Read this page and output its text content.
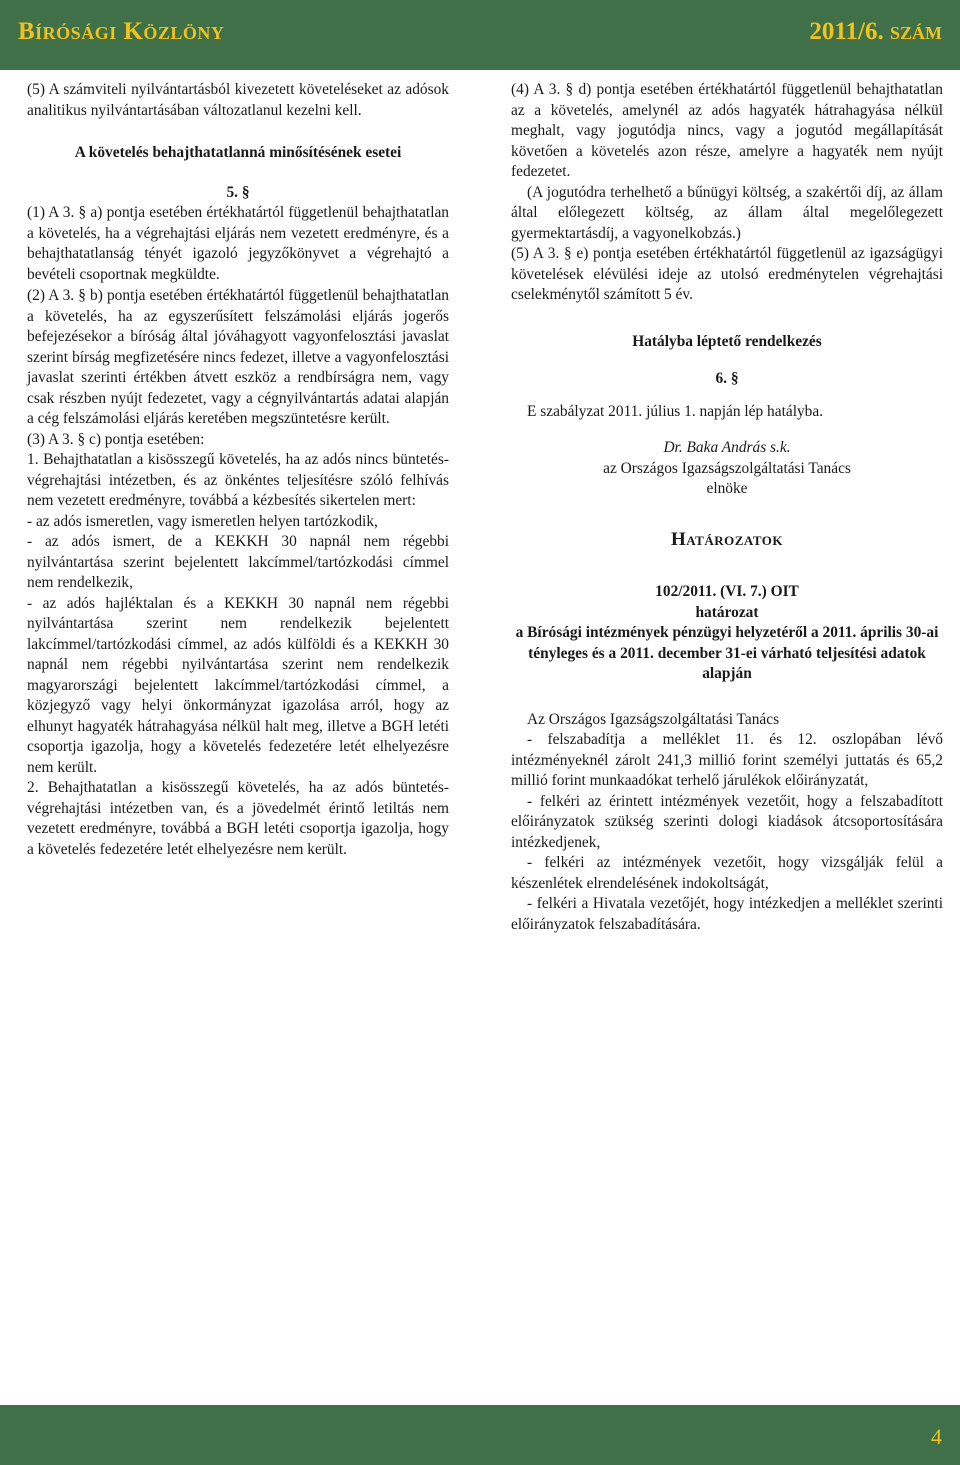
Bírósági Közlöny	2011/6. szám

(5) A számviteli nyilvántartásból kivezetett követeléseket az adósok analitikus nyilvántartásában változatlanul kezelni kell.

A követelés behajthatatlanná minősítésének esetei

5. §

(1) A 3. § a) pontja esetében értékhatártól függetlenül behajthatatlan a követelés, ha a végrehajtási eljárás nem vezetett eredményre, és a behajthatatlanság tényét igazoló jegyzőkönyvet a végrehajtó a bevételi csoportnak megküldte.

(2) A 3. § b) pontja esetében értékhatártól függetlenül behajthatatlan a követelés, ha az egyszerűsített felszámolási eljárás jogerős befejezésekor a bíróság által jóváhagyott vagyonfelosztási javaslat szerint bírság megfizetésére nincs fedezet, illetve a vagyonfelosztási javaslat szerinti értékben átvett eszköz a rendbírságra nem, vagy csak részben nyújt fedezetet, vagy a cégnyilvántartás adatai alapján a cég felszámolási eljárás keretében megszüntetésre került.

(3) A 3. § c) pontja esetében:

1. Behajthatatlan a kisösszegű követelés, ha az adós nincs büntetés-végrehajtási intézetben, és az önkéntes teljesítésre szóló felhívás nem vezetett eredményre, továbbá a kézbesítés sikertelen mert:

- az adós ismeretlen, vagy ismeretlen helyen tartózkodik,

- az adós ismert, de a KEKKH 30 napnál nem régebbi nyilvántartása szerint bejelentett lakcímmel/tartózkodási címmel nem rendelkezik,

- az adós hajléktalan és a KEKKH 30 napnál nem régebbi nyilvántartása szerint nem rendelkezik bejelentett lakcímmel/tartózkodási címmel, az adós külföldi és a KEKKH 30 napnál nem régebbi nyilvántartása szerint nem rendelkezik magyarországi bejelentett lakcímmel/tartózkodási címmel, a közjegyző vagy helyi önkormányzat igazolása arról, hogy az elhunyt hagyaték hátrahagyása nélkül halt meg, illetve a BGH letéti csoportja igazolja, hogy a követelés fedezetére letét elhelyezésre nem került.

2. Behajthatatlan a kisösszegű követelés, ha az adós büntetés-végrehajtási intézetben van, és a jövedelmét érintő letiltás nem vezetett eredményre, továbbá a BGH letéti csoportja igazolja, hogy a követelés fedezetére letét elhelyezésre nem került.

(4) A 3. § d) pontja esetében értékhatártól függetlenül behajthatatlan az a követelés, amelynél az adós hagyaték hátrahagyása nélkül meghalt, vagy jogutódja nincs, vagy a jogutód megállapítását követően a követelés azon része, amelyre a hagyaték nem nyújt fedezetet.

(A jogutódra terhelhető a bűnügyi költség, a szakértői díj, az állam által előlegezett költség, az állam által megelőlegezett gyermektartásdíj, a vagyonelkobzás.)

(5) A 3. § e) pontja esetében értékhatártól függetlenül az igazságügyi követelések elévülési ideje az utolsó eredménytelen végrehajtási cselekménytől számított 5 év.

Hatályba léptető rendelkezés

6. §

E szabályzat 2011. július 1. napján lép hatályba.

Dr. Baka András s.k.

az Országos Igazságszolgáltatási Tanács

elnöke

Határozatok

102/2011. (VI. 7.) OIT

határozat

a Bírósági intézmények pénzügyi helyzetéről a 2011. április 30-ai tényleges és a 2011. december 31-ei várható teljesítési adatok alapján

Az Országos Igazságszolgáltatási Tanács

- felszabadítja a melléklet 11. és 12. oszlopában lévő intézményeknél zárolt 241,3 millió forint személyi juttatás és 65,2 millió forint munkaadókat terhelő járulékok előirányzatát,

- felkéri az érintett intézmények vezetőit, hogy a felszabadított előirányzatok szükség szerinti dologi kiadások átcsoportosítására intézkedjenek,

- felkéri az intézmények vezetőit, hogy vizsgálják felül a készenlétek elrendelésének indokoltságát,

- felkéri a Hivatala vezetőjét, hogy intézkedjen a melléklet szerinti előirányzatok felszabadítására.

4
